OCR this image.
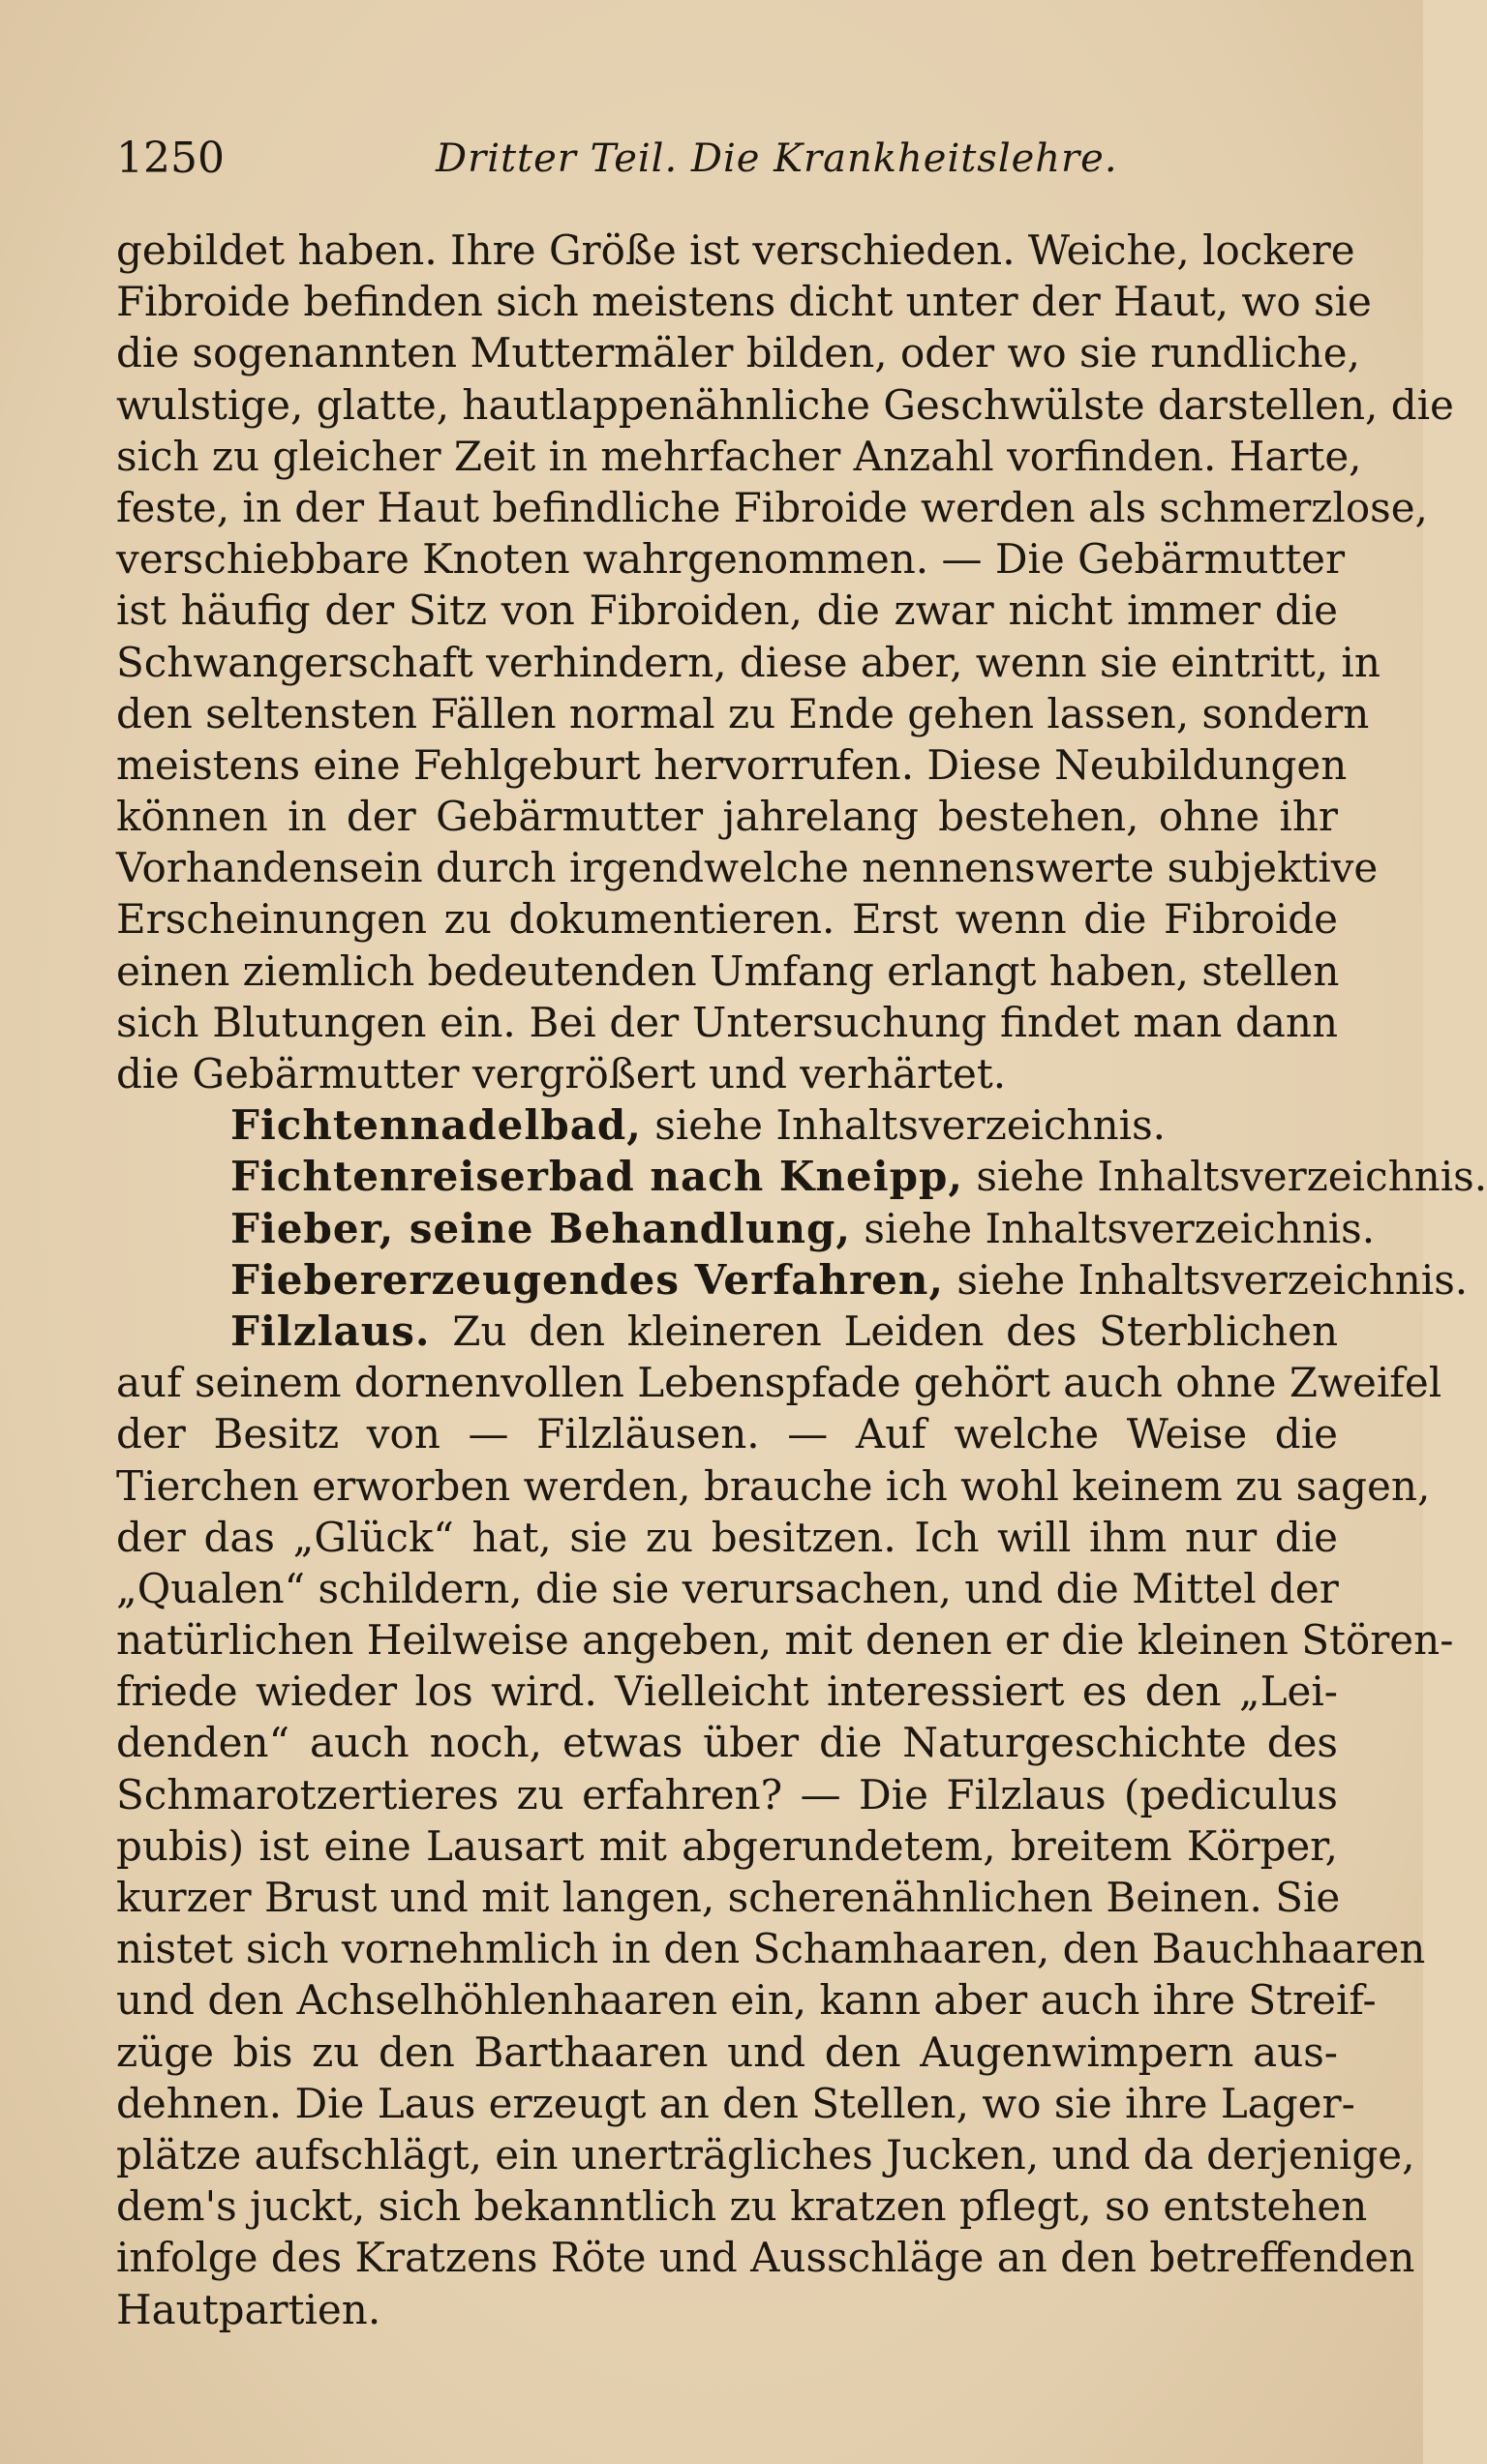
1250	Dritter Teil. Die Krankheitslehre.
gebildet haben. Ihre Größe ist verschieden. Weiche, lockere
Fibroide befinden sich meistens dicht unter der Haut, wo sie
die sogenannten Muttermäler bilden, oder wo sie rundliche,
wulstige, glatte, hautlappenähnliche Geschwülste darstellen, die
sich zu gleicher Zeit in mehrfacher Anzahl vorfinden. Harte,
feste, in der Haut befindliche Fibroide werden als schmerzlose,
verschiebbare Knoten wahrgenommen. — Die Gebärmutter
ist häufig der Sitz von Fibroiden, die zwar nicht immer die
Schwangerschaft verhindern, diese aber, wenn sie eintritt, in
den seltensten Fällen normal zu Ende gehen lassen, sondern
meistens eine Fehlgeburt hervorrufen. Diese Neubildungen
können in der Gebärmutter jahrelang bestehen, ohne ihr
Vorhandensein durch irgendwelche nennenswerte subjektive
Erscheinungen zu dokumentieren. Erst wenn die Fibroide
einen ziemlich bedeutenden Umfang erlangt haben, stellen
sich Blutungen ein. Bei der Untersuchung findet man dann
die Gebärmutter vergrößert und verhärtet.
Fichtennadelbad, siehe Inhaltsverzeichnis.
Fichtenreiserbad nach Kneipp, siehe Inhaltsverzeichnis.
Fieber, seine Behandlung, siehe Inhaltsverzeichnis.
Fiebererzeugendes Verfahren, siehe Inhaltsverzeichnis.
Filzlaus. Zu den kleineren Leiden des Sterblichen
auf seinem dornenvollen Lebenspfade gehört auch ohne Zweifel
der Besitz von — Filzläusen. — Auf welche Weise die
Tierchen erworben werden, brauche ich wohl keinem zu sagen,
der das „Glück“ hat, sie zu besitzen. Ich will ihm nur die
„Qualen“ schildern, die sie verursachen, und die Mittel der
natürlichen Heilweise angeben, mit denen er die kleinen Stören-
friede wieder los wird. Vielleicht interessiert es den „Lei-
denden“ auch noch, etwas über die Naturgeschichte des
Schmarotzertieres zu erfahren? — Die Filzlaus (pediculus
pubis) ist eine Lausart mit abgerundetem, breitem Körper,
kurzer Brust und mit langen, scherenähnlichen Beinen. Sie
nistet sich vornehmlich in den Schamhaaren, den Bauchhaaren
und den Achselhöhlenhaaren ein, kann aber auch ihre Streif-
züge bis zu den Barthaaren und den Augenwimpern aus-
dehnen. Die Laus erzeugt an den Stellen, wo sie ihre Lager-
plätze aufschlägt, ein unerträgliches Jucken, und da derjenige,
dem's juckt, sich bekanntlich zu kratzen pflegt, so entstehen
infolge des Kratzens Röte und Ausschläge an den betreffenden
Hautpartien.
